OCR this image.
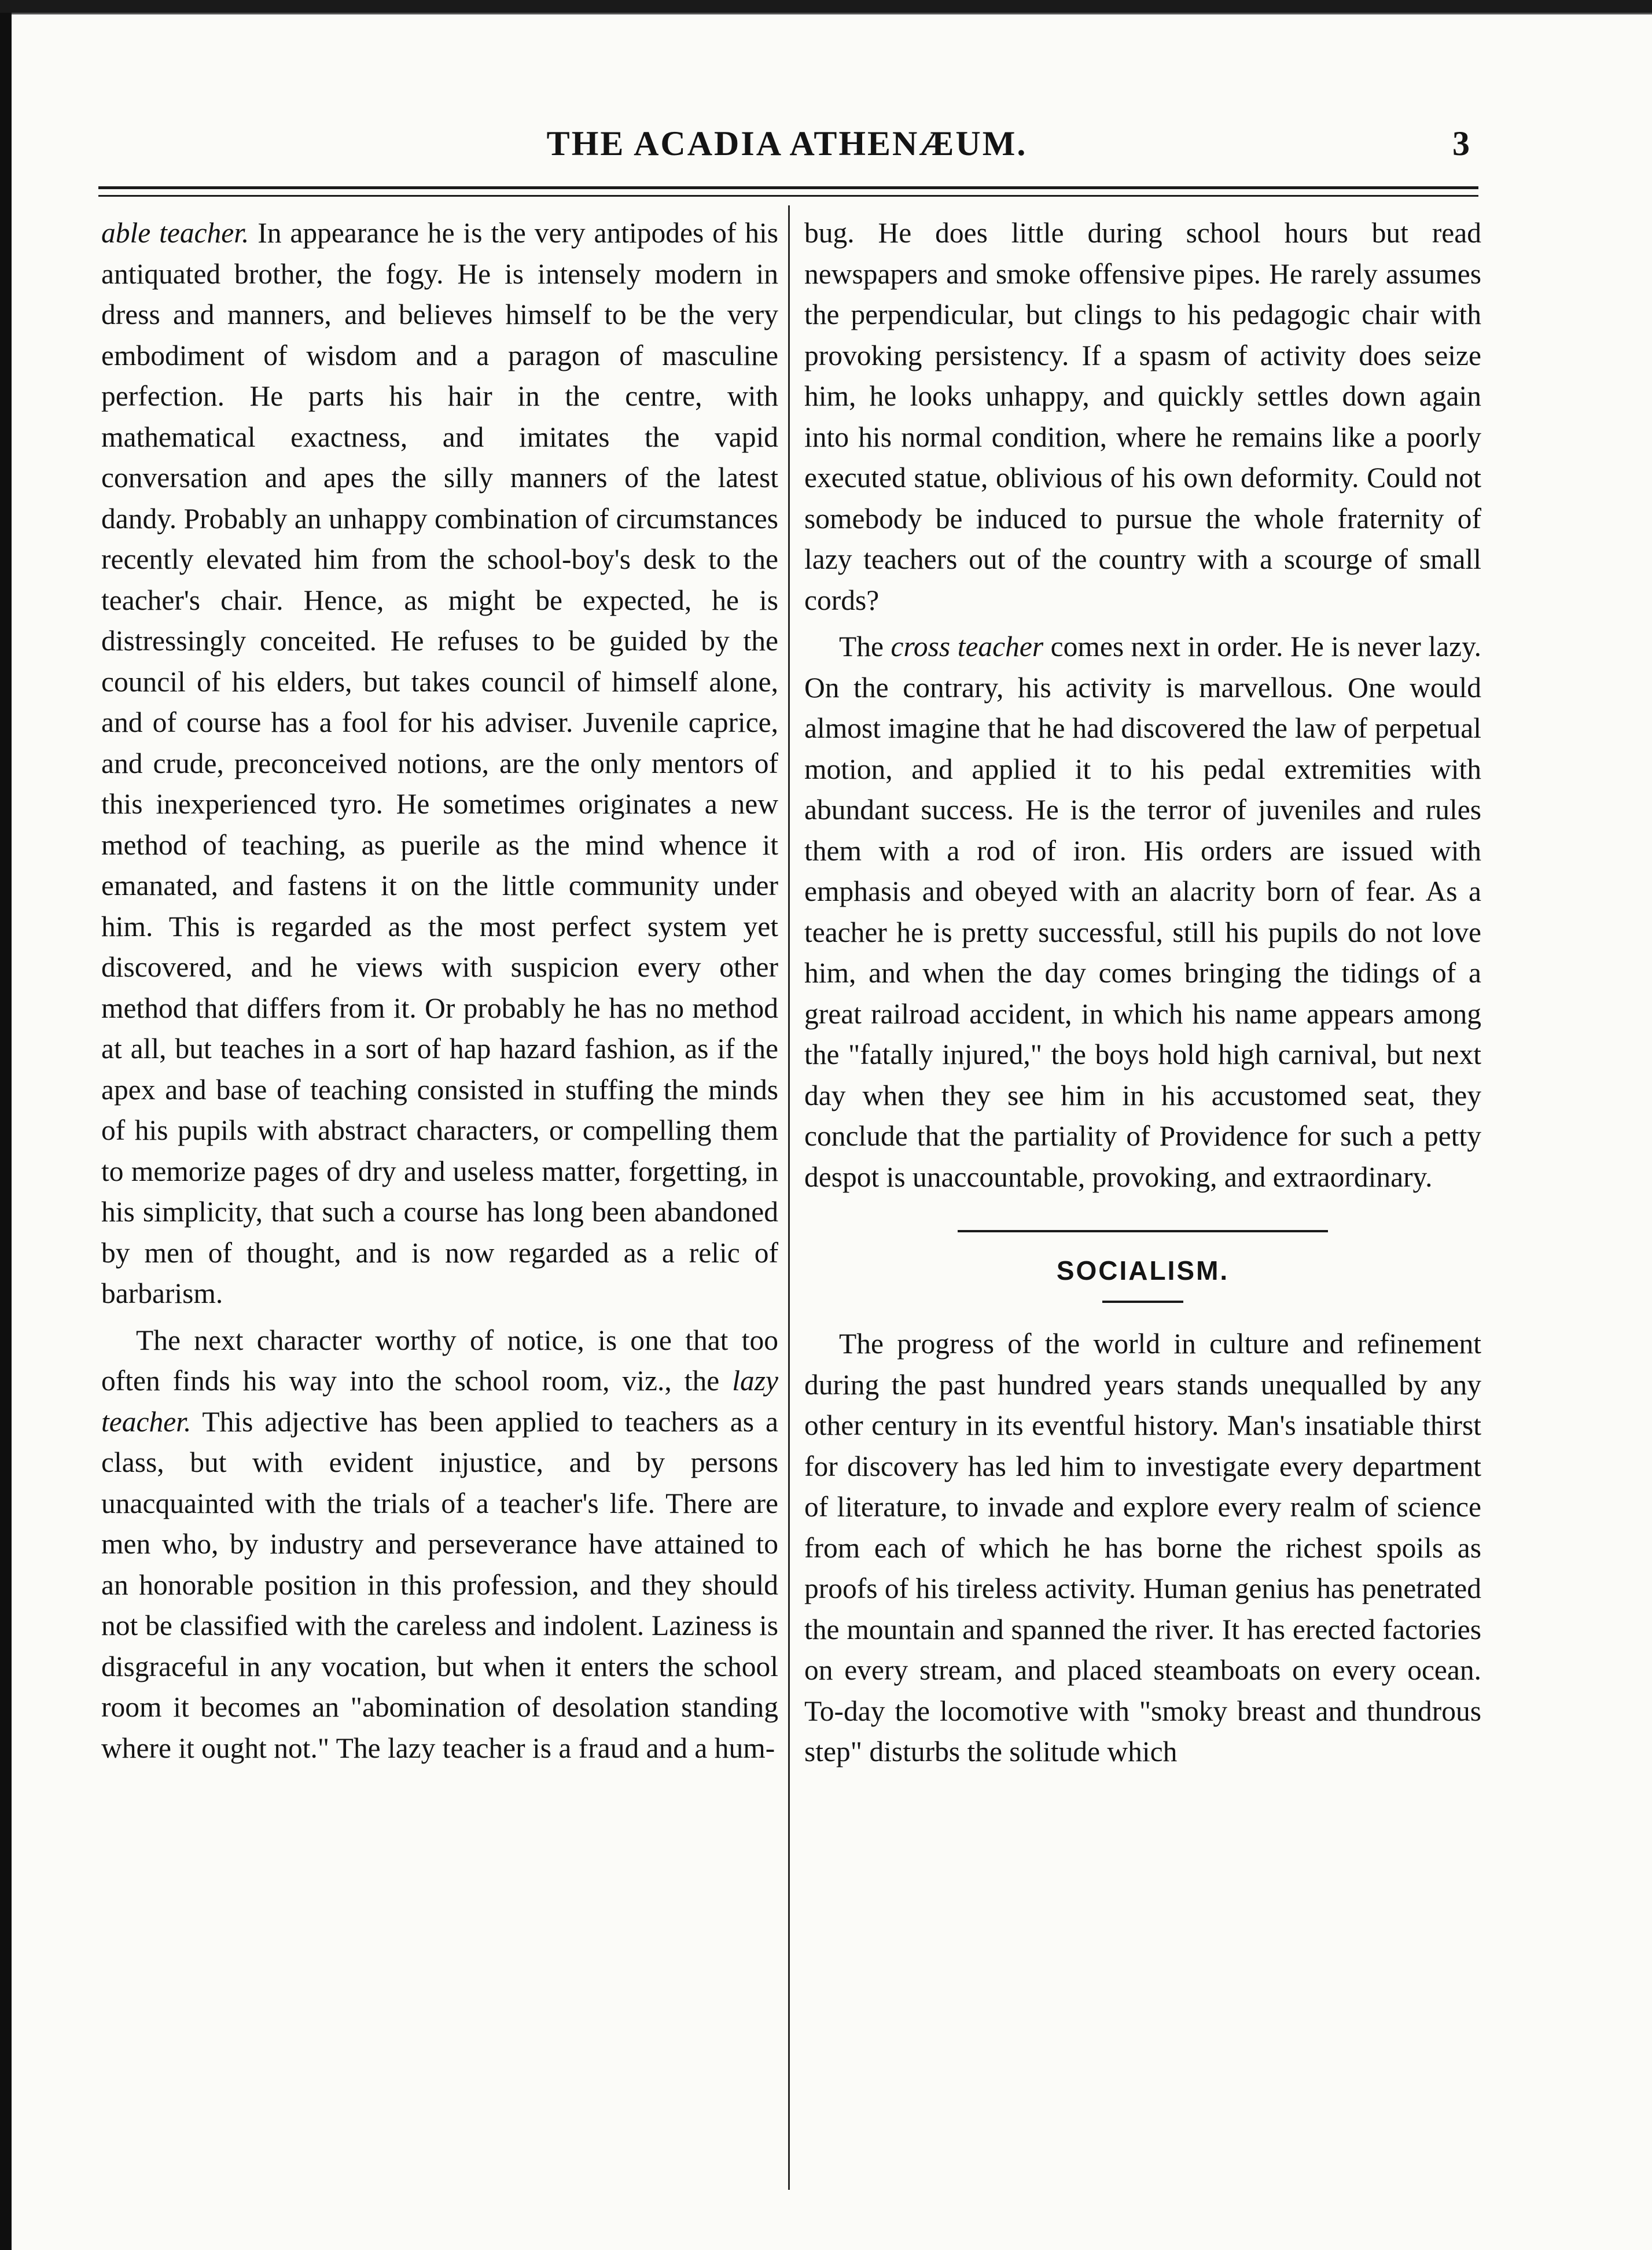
THE ACADIA ATHENÆUM.	3

able teacher. In appearance he is the very antipodes of his antiquated brother, the fogy. He is intensely modern in dress and manners, and believes himself to be the very embodiment of wisdom and a paragon of masculine perfection. He parts his hair in the centre, with mathematical exactness, and imitates the vapid conversation and apes the silly manners of the latest dandy. Probably an unhappy combination of circumstances recently elevated him from the school-boy's desk to the teacher's chair. Hence, as might be expected, he is distressingly conceited. He refuses to be guided by the council of his elders, but takes council of himself alone, and of course has a fool for his adviser. Juvenile caprice, and crude, preconceived notions, are the only mentors of this inexperienced tyro. He sometimes originates a new method of teaching, as puerile as the mind whence it emanated, and fastens it on the little community under him. This is regarded as the most perfect system yet discovered, and he views with suspicion every other method that differs from it. Or probably he has no method at all, but teaches in a sort of hap hazard fashion, as if the apex and base of teaching consisted in stuffing the minds of his pupils with abstract characters, or compelling them to memorize pages of dry and useless matter, forgetting, in his simplicity, that such a course has long been abandoned by men of thought, and is now regarded as a relic of barbarism.

The next character worthy of notice, is one that too often finds his way into the school room, viz., the lazy teacher. This adjective has been applied to teachers as a class, but with evident injustice, and by persons unacquainted with the trials of a teacher's life. There are men who, by industry and perseverance have attained to an honorable position in this profession, and they should not be classified with the careless and indolent. Laziness is disgraceful in any vocation, but when it enters the school room it becomes an "abomination of desolation standing where it ought not." The lazy teacher is a fraud and a hum-

bug. He does little during school hours but read newspapers and smoke offensive pipes. He rarely assumes the perpendicular, but clings to his pedagogic chair with provoking persistency. If a spasm of activity does seize him, he looks unhappy, and quickly settles down again into his normal condition, where he remains like a poorly executed statue, oblivious of his own deformity. Could not somebody be induced to pursue the whole fraternity of lazy teachers out of the country with a scourge of small cords?

The cross teacher comes next in order. He is never lazy. On the contrary, his activity is marvellous. One would almost imagine that he had discovered the law of perpetual motion, and applied it to his pedal extremities with abundant success. He is the terror of juveniles and rules them with a rod of iron. His orders are issued with emphasis and obeyed with an alacrity born of fear. As a teacher he is pretty successful, still his pupils do not love him, and when the day comes bringing the tidings of a great railroad accident, in which his name appears among the "fatally injured," the boys hold high carnival, but next day when they see him in his accustomed seat, they conclude that the partiality of Providence for such a petty despot is unaccountable, provoking, and extraordinary.

SOCIALISM.

The progress of the world in culture and refinement during the past hundred years stands unequalled by any other century in its eventful history. Man's insatiable thirst for discovery has led him to investigate every department of literature, to invade and explore every realm of science from each of which he has borne the richest spoils as proofs of his tireless activity. Human genius has penetrated the mountain and spanned the river. It has erected factories on every stream, and placed steamboats on every ocean. To-day the locomotive with "smoky breast and thundrous step" disturbs the solitude which
